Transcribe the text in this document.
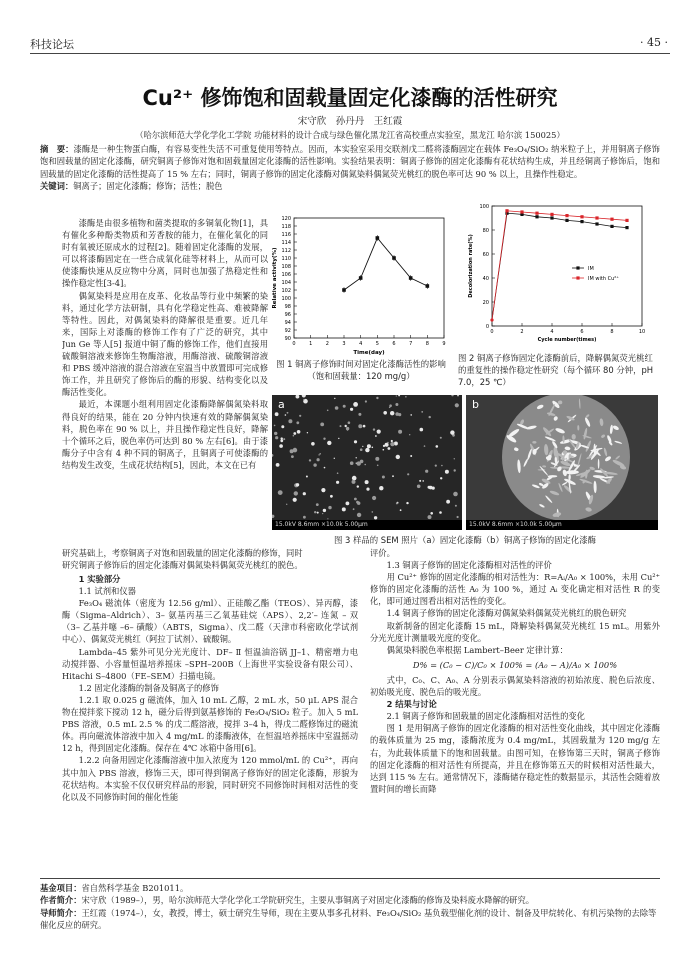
科技论坛	· 45 ·
Cu²⁺ 修饰饱和固载量固定化漆酶的活性研究
宋守欣　孙丹丹　王红霞
（哈尔滨师范大学化学化工学院 功能材料的设计合成与绿色催化黑龙江省高校重点实验室，黑龙江 哈尔滨 150025）
摘　要：漆酶是一种生物蛋白酶，有容易变性失活不可重复使用等特点。因而，本实验室采用交联剂戊二醛将漆酶固定在载体 Fe₃O₄/SiO₂ 纳米粒子上，并用铜离子修饰饱和固载量的固定化漆酶，研究铜离子修饰对饱和固载量固定化漆酶的活性影响。实验结果表明：铜离子修饰的固定化漆酶有花状结构生成，并且经铜离子修饰后，饱和固载量的固定化漆酶的活性提高了 15 % 左右；同时，铜离子修饰的固定化漆酶对偶氮染料偶氮荧光桃红的脱色率可达 90 % 以上，且操作性稳定。
关键词：铜离子；固定化漆酶；修饰；活性；脱色

漆酶是由很多植物和菌类提取的多铜氧化物[1]，具有催化多种酚类物质和芳香胺的能力，在催化氧化的同时有氧被还原成水的过程[2]。随着固定化漆酶的发展，可以将漆酶固定在一些合成氧化硅等材料上，从而可以使漆酶快速从反应物中分离，同时也加强了热稳定性和操作稳定性[3-4]。

偶氮染料是应用在皮革、化妆品等行业中频繁的染料，通过化学方法研制，具有化学稳定性高、难被降解等特性。因此，对偶氮染料的降解很是重要。近几年来，国际上对漆酶的修饰工作有了广泛的研究，其中 Jun Ge 等人[5] 报道中铜了酶的修饰工作，他们直接用硫酸铜溶液来修饰生物酶溶液，用酶溶液、硫酸铜溶液和 PBS 缓冲溶液的混合溶液在室温当中放置即可完成修饰工作，并且研究了修饰后的酶的形貌、结构变化以及酶活性变化。

最近，本课题小组利用固定化漆酶降解偶氮染料取得良好的结果，能在 20 分钟内快速有效的降解偶氮染料，脱色率在 90 % 以上，并且操作稳定性良好，降解十个循环之后，脱色率仍可达到 80 % 左右[6]。由于漆酶分子中含有 4 种不同的铜离子，且铜离子可使漆酶的结构发生改变，生成花状结构[5]，因此，本文在已有

90
92
94
96
98
100
102
104
106
108
110
112
114
116
118
120
0	1	2	3	4	5	6	7	8	9
Time(day)
Relative activity(%)
图 1 铜离子修饰时间对固定化漆酶活性的影响（饱和固载量：120 mg/g）
0
20
40
60
80
100
0	2	4	6	8	10
Cycle number(times)
Decolorization rate(%)	IM
IM with Cu²⁺
图 2 铜离子修饰固定化漆酶前后，降解偶氮荧光桃红的重复性的操作稳定性研究（每个循环 80 分钟，pH 7.0，25 ℃）
a
15.0kV 8.6mm ×10.0k 5.00μm
b
15.0kV 8.6mm ×10.0k 5.00μm
图 3 样品的 SEM 照片（a）固定化漆酶（b）铜离子修饰的固定化漆酶
研究基础上，考察铜离子对饱和固载量的固定化漆酶的修饰，同时
研究铜离子修饰后的固定化漆酶对偶氮染料偶氮荧光桃红的脱色。

1 实验部分

1.1 试剂和仪器

Fe₃O₄ 磁流体（密度为 12.56 g/ml）、正硅酸乙酯（TEOS）、异丙醇，漆酶（Sigma–Aldrich）、3– 氨基丙基三乙氧基硅烷（APS）、2,2′– 连氮 – 双（3– 乙基并噻 –6– 磺酸）（ABTS，Sigma）、戊二醛（天津市科密欧化学试剂中心）、偶氮荧光桃红（阿拉丁试剂）、硫酸铜。

Lambda–45 紫外可见分光光度计、DF– Ⅱ 恒温油浴锅 JJ–1、精密增力电动搅拌器、小容量恒温培养摇床 –SPH–200B（上海世平实验设备有限公司）、Hitachi S–4800（FE–SEM）扫描电镜。

1.2 固定化漆酶的制备及铜离子的修饰

1.2.1 取 0.025 g 磁流体，加入 10 mL 乙醇，2 mL 水，50 μL APS 混合物在搅拌浆下搅动 12 h，磁分后得到氨基修饰的 Fe₃O₄/SiO₂ 粒子。加入 5 mL PBS 溶液，0.5 mL 2.5 % 的戊二醛溶液，搅拌 3–4 h，得戊二醛修饰过的磁流体。再向磁流体溶液中加入 4 mg/mL 的漆酶液体，在恒温培养摇床中室温摇动 12 h，得到固定化漆酶。保存在 4℃ 冰箱中备用[6]。

1.2.2 向备用固定化漆酶溶液中加入浓度为 120 mmol/mL 的 Cu²⁺，再向其中加入 PBS 溶液，修饰三天，即可得到铜离子修饰好的固定化漆酶，形貌为花状结构。本实验不仅仅研究样品的形貌，同时研究不同修饰时间相对活性的变化以及不同修饰时间的催化性能

评价。

1.3 铜离子修饰的固定化漆酶相对活性的评价

用 Cu²⁺ 修饰的固定化漆酶的相对活性为：R=Aᵢ/A₀ × 100%，未用 Cu²⁺ 修饰的固定化漆酶的活性 A₀ 为 100 %，通过 Aᵢ 变化确定相对活性 R 的变化，即可通过图看出相对活性的变化。

1.4 铜离子修饰的固定化漆酶对偶氮染料偶氮荧光桃红的脱色研究

取新制备的固定化漆酶 15 mL，降解染料偶氮荧光桃红 15 mL。用紫外分光光度计测量吸光度的变化。

偶氮染料脱色率根据 Lambert–Beer 定律计算：

D% = (C₀ − C)/C₀ × 100% = (A₀ − A)/A₀ × 100%

式中，C₀、C、A₀、A 分别表示偶氮染料溶液的初始浓度、脱色后浓度、初始吸光度、脱色后的吸光度。

2 结果与讨论

2.1 铜离子修饰和固载量的固定化漆酶相对活性的变化

图 1 是用铜离子修饰的固定化漆酶的相对活性变化曲线，其中固定化漆酶的载体质量为 25 mg，漆酶浓度为 0.4 mg/mL，其固载量为 120 mg/g 左右，为此载体质量下的饱和固载量。由图可知，在修饰第三天时，铜离子修饰的固定化漆酶的相对活性有所提高，并且在修饰第五天的时候相对活性最大，达到 115 % 左右。通常情况下，漆酶储存稳定性的数据显示，其活性会随着放置时间的增长而降

基金项目：省自然科学基金 B201011。
作者简介：宋守欣（1989–），男，哈尔滨师范大学化学化工学院研究生，主要从事铜离子对固定化漆酶的修饰及染料废水降解的研究。
导师简介：王红霞（1974–），女，教授，博士，硕士研究生导师，现在主要从事多孔材料、Fe₃O₄/SiO₂ 基负载型催化剂的设计、制备及甲烷转化、有机污染物的去除等催化反应的研究。
